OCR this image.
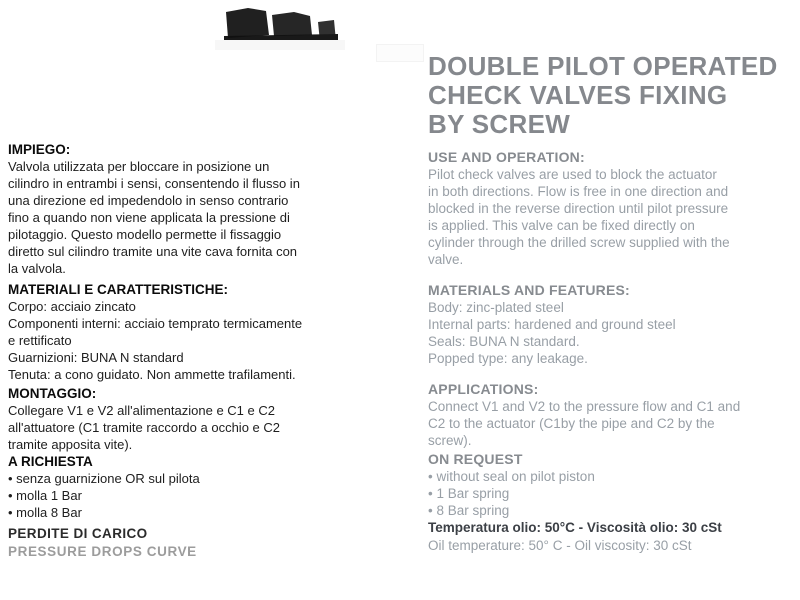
IMPIEGO:
Valvola utilizzata per bloccare in posizione un
cilindro in entrambi i sensi, consentendo il flusso in
una direzione ed impedendolo in senso contrario
fino a quando non viene applicata la pressione di
pilotaggio. Questo modello permette il fissaggio
diretto sul cilindro tramite una vite cava fornita con
la valvola.
MATERIALI E CARATTERISTICHE:
Corpo: acciaio zincato
Componenti interni: acciaio temprato termicamente
e rettificato
Guarnizioni: BUNA N standard
Tenuta: a cono guidato. Non ammette trafilamenti.
MONTAGGIO:
Collegare V1 e V2 all'alimentazione e C1 e C2
all'attuatore (C1 tramite raccordo a occhio e C2
tramite apposita vite).
A RICHIESTA
• senza guarnizione OR sul pilota
• molla 1 Bar
• molla 8 Bar
PERDITE DI CARICO
PRESSURE DROPS CURVE
DOUBLE PILOT OPERATED
CHECK VALVES FIXING
BY SCREW
USE AND OPERATION:
Pilot check valves are used to block the actuator
in both directions. Flow is free in one direction and
blocked in the reverse direction until pilot pressure
is applied. This valve can be fixed directly on
cylinder through the drilled screw supplied with the
valve.
MATERIALS AND FEATURES:
Body: zinc-plated steel
Internal parts: hardened and ground steel
Seals: BUNA N standard.
Popped type: any leakage.
APPLICATIONS:
Connect V1 and V2 to the pressure flow and C1 and
C2 to the actuator (C1by the pipe and C2 by the
screw).
ON REQUEST
• without seal on pilot piston
• 1 Bar spring
• 8 Bar spring
Temperatura olio: 50°C - Viscosità olio: 30 cSt
Oil temperature: 50° C - Oil viscosity: 30 cSt
